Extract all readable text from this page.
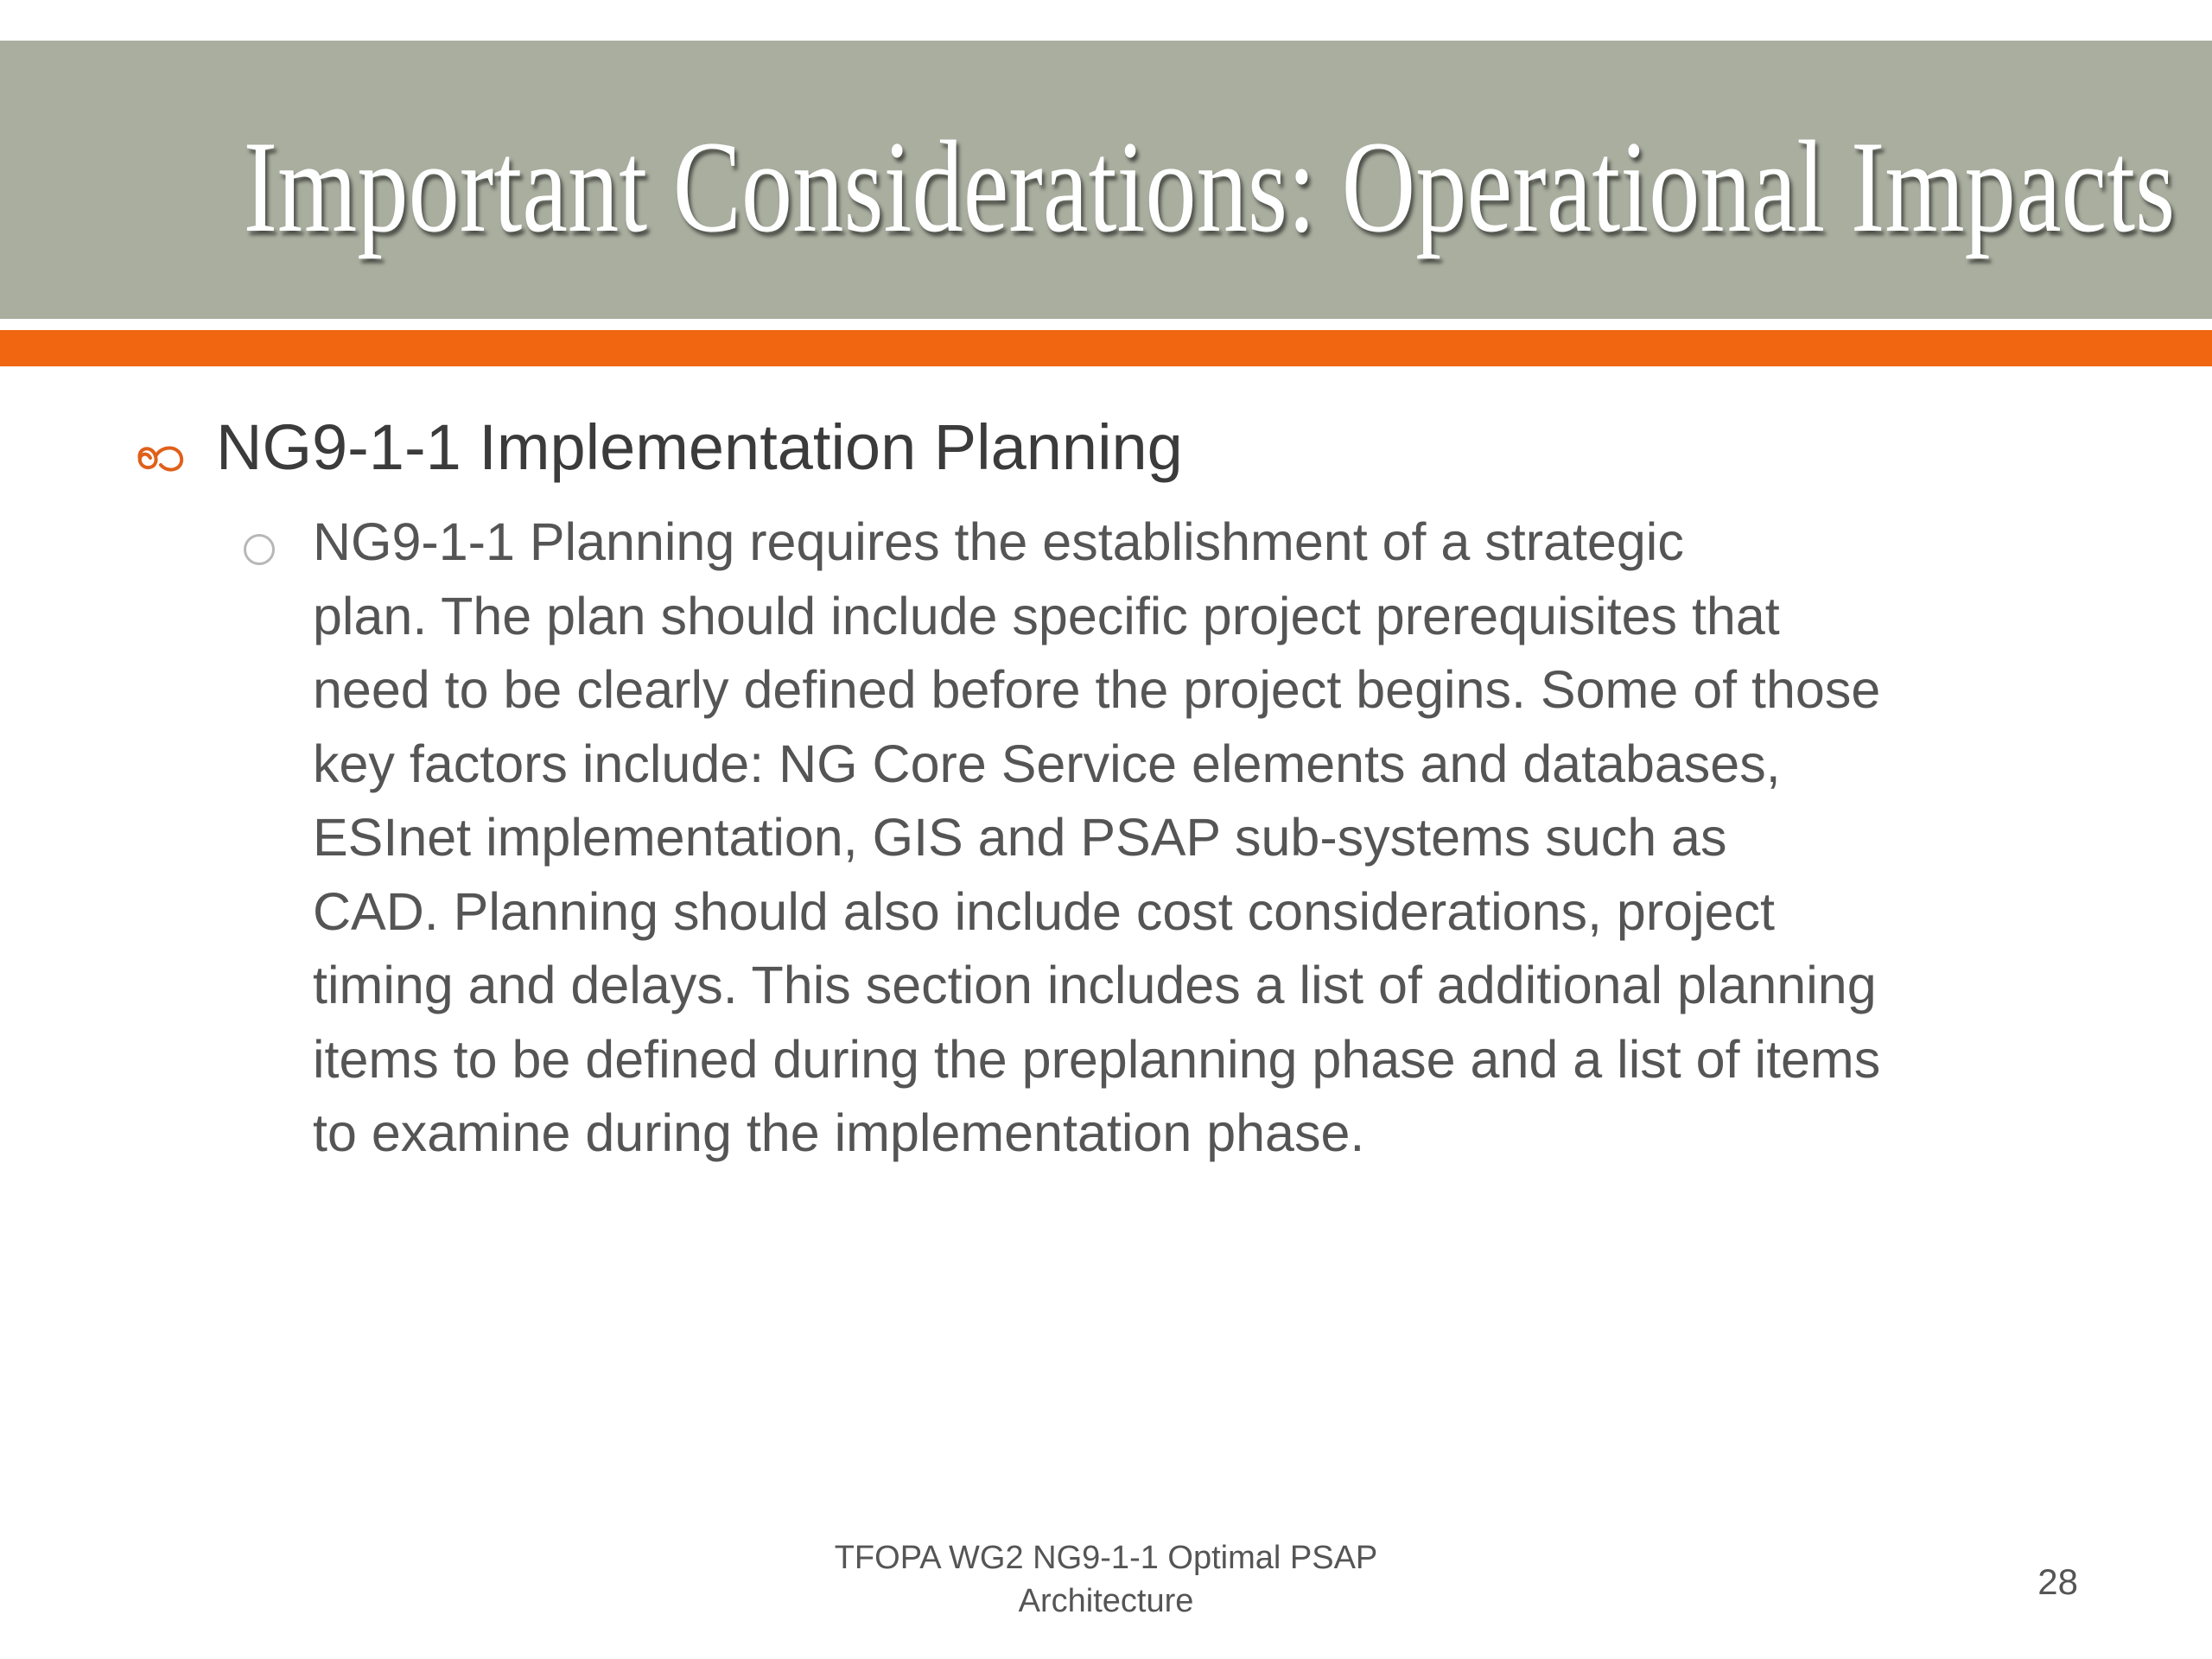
Important Considerations: Operational Impacts
NG9-1-1 Implementation Planning
NG9-1-1 Planning requires the establishment of a strategic
plan. The plan should include specific project prerequisites that
need to be clearly defined before the project begins. Some of those
key factors include: NG Core Service elements and databases,
ESInet implementation, GIS and PSAP sub-systems such as
CAD. Planning should also include cost considerations, project
timing and delays. This section includes a list of additional planning
items to be defined during the preplanning phase and a list of items
to examine during the implementation phase.
TFOPA WG2 NG9-1-1 Optimal PSAP
Architecture	28
